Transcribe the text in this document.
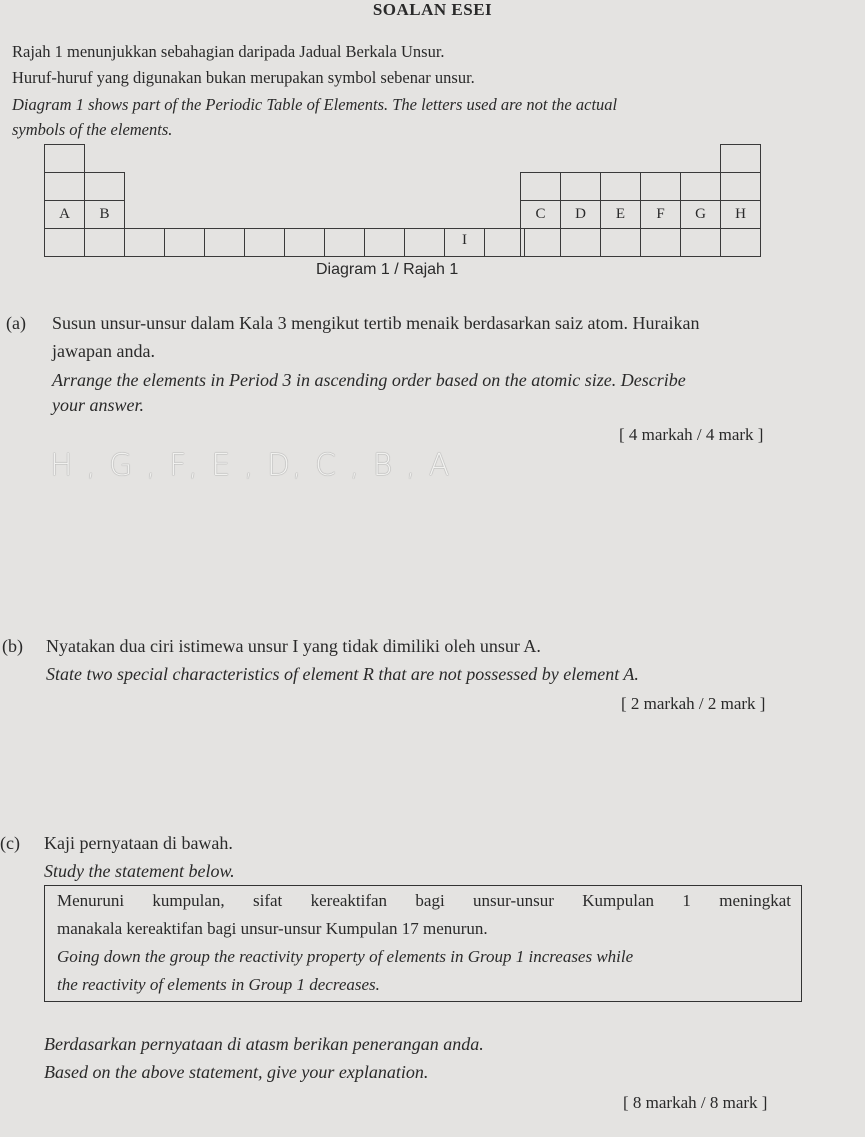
SOALAN ESEI
Rajah 1 menunjukkan sebahagian daripada Jadual Berkala Unsur.
Huruf-huruf yang digunakan bukan merupakan symbol sebenar unsur.
Diagram 1 shows part of the Periodic Table of Elements. The letters used are not the actual
symbols of the elements.
A B
I
C D E F G H
Diagram 1 / Rajah 1
(a) Susun unsur-unsur dalam Kala 3 mengikut tertib menaik berdasarkan saiz atom. Huraikan
jawapan anda.
Arrange the elements in Period 3 in ascending order based on the atomic size. Describe
your answer.
[ 4 markah / 4 mark ]
H , G , F, E , D, C , B , A
(b) Nyatakan dua ciri istimewa unsur I yang tidak dimiliki oleh unsur A.
State two special characteristics of element R that are not possessed by element A.
[ 2 markah / 2 mark ]
(c) Kaji pernyataan di bawah.
Study the statement below.
Menuruni kumpulan, sifat kereaktifan bagi unsur-unsur Kumpulan 1 meningkat
manakala kereaktifan bagi unsur-unsur Kumpulan 17 menurun.
Going down the group the reactivity property of elements in Group 1 increases while
the reactivity of elements in Group 1 decreases.
Berdasarkan pernyataan di atasm berikan penerangan anda.
Based on the above statement, give your explanation.
[ 8 markah / 8 mark ]
